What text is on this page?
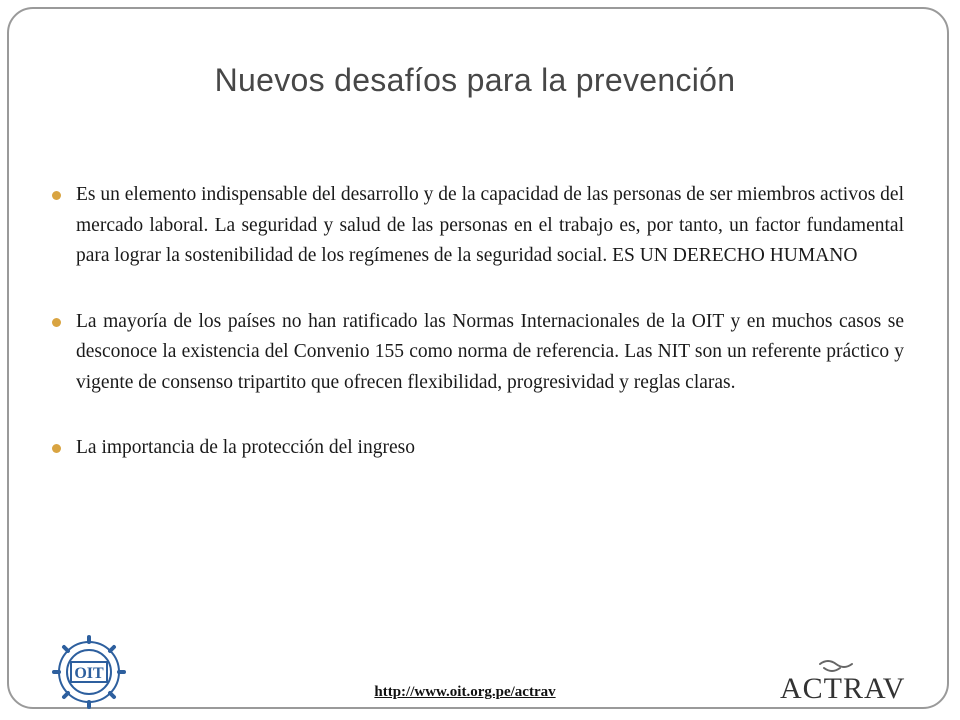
Nuevos desafíos para la prevención
Es un elemento indispensable del desarrollo y de la capacidad de las personas de ser miembros activos del mercado laboral. La seguridad y salud de las personas en el trabajo es, por tanto, un factor fundamental para lograr la sostenibilidad de los regímenes de la seguridad social. ES UN DERECHO HUMANO
La mayoría de los países no han ratificado las Normas Internacionales de la OIT y en muchos casos se desconoce la existencia del Convenio 155 como norma de referencia. Las NIT son un referente práctico y vigente de consenso tripartito que ofrecen flexibilidad, progresividad y reglas claras.
La importancia de la protección del ingreso
OIT
http://www.oit.org.pe/actrav	ACTRAV
